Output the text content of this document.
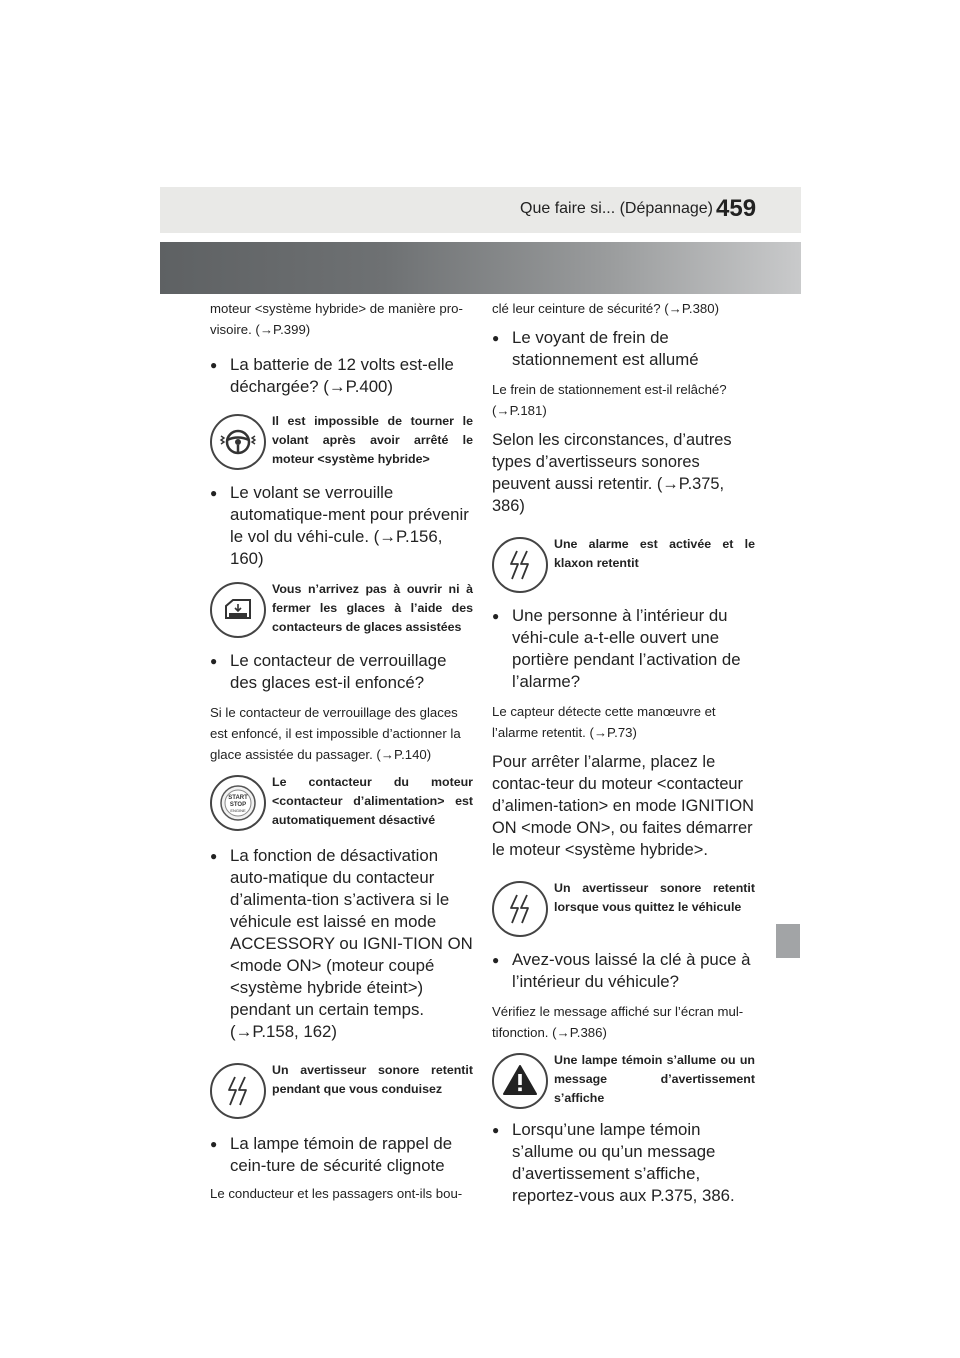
Que faire si... (Dépannage) 459
moteur <système hybride> de manière pro-visoire. (→P.399)
● La batterie de 12 volts est-elle déchargée? (→P.400)
Il est impossible de tourner le volant après avoir arrêté le moteur <système hybride>
● Le volant se verrouille automatique-ment pour prévenir le vol du véhi-cule. (→P.156, 160)
Vous n’arrivez pas à ouvrir ni à fermer les glaces à l’aide des contacteurs de glaces assistées
● Le contacteur de verrouillage des glaces est-il enfoncé?
Si le contacteur de verrouillage des glaces est enfoncé, il est impossible d’actionner la glace assistée du passager. (→P.140)
START
STOP
ENGINE
Le contacteur du moteur <contacteur d’alimentation> est automatiquement désactivé
● La fonction de désactivation auto-matique du contacteur d’alimenta-tion s’activera si le véhicule est laissé en mode ACCESSORY ou IGNI-TION ON <mode ON> (moteur coupé <système hybride éteint>) pendant un certain temps. (→P.158, 162)
Un avertisseur sonore retentit pendant que vous conduisez
● La lampe témoin de rappel de cein-ture de sécurité clignote
Le conducteur et les passagers ont-ils bou-
clé leur ceinture de sécurité? (→P.380)
● Le voyant de frein de stationnement est allumé
Le frein de stationnement est-il relâché? (→P.181)
Selon les circonstances, d’autres types d’avertisseurs sonores peuvent aussi retentir. (→P.375, 386)
Une alarme est activée et le klaxon retentit
● Une personne à l’intérieur du véhi-cule a-t-elle ouvert une portière pendant l’activation de l’alarme?
Le capteur détecte cette manœuvre et l’alarme retentit. (→P.73)
Pour arrêter l’alarme, placez le contac-teur du moteur <contacteur d’alimen-tation> en mode IGNITION ON <mode ON>, ou faites démarrer le moteur <système hybride>.
Un avertisseur sonore retentit lorsque vous quittez le véhicule
● Avez-vous laissé la clé à puce à l’intérieur du véhicule?
Vérifiez le message affiché sur l’écran mul-tifonction. (→P.386)
Une lampe témoin s’allume ou un message d’avertissement s’affiche
● Lorsqu’une lampe témoin s’allume ou qu’un message d’avertissement s’affiche, reportez-vous aux P.375, 386.
